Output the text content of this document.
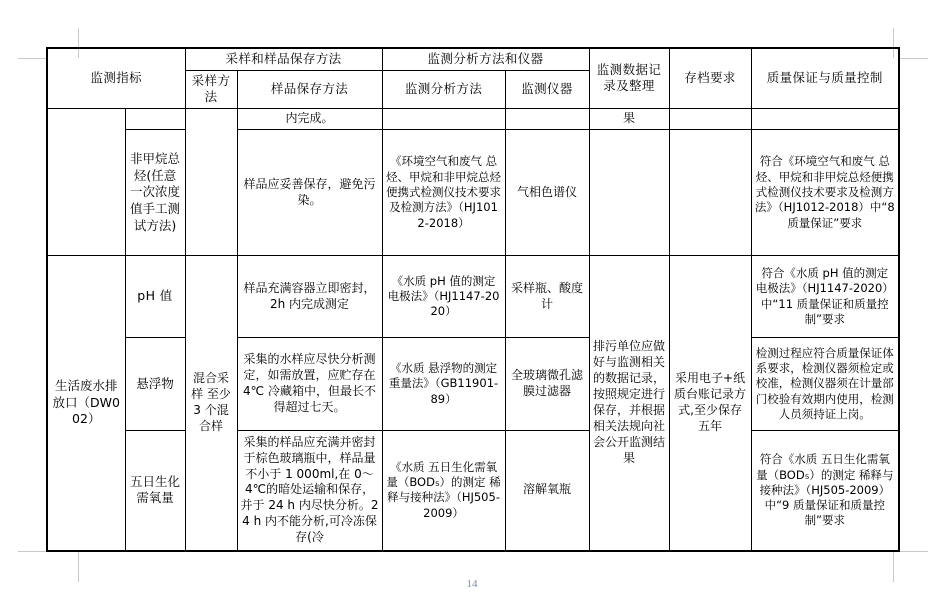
监测指标		采样和样品保存方法		监测分析方法和仪器		监测数据记录及整理	存档要求	质量保证与质量控制
		采样方法	样品保存方法	监测分析方法	监测仪器			
			内完成。			果		
	非甲烷总烃(任意一次浓度值手工测试方法)		样品应妥善保存，避免污染。	《环境空气和废气 总烃、甲烷和非甲烷总烃便携式检测仪技术要求及检测方法》（HJ1012-2018）	气相色谱仪			符合《环境空气和废气 总烃、甲烷和非甲烷总烃便携式检测仪技术要求及检测方法》（HJ1012-2018）中“8 质量保证”要求
生活废水排放口（DW002）	pH 值	混合采样 至少 3 个混合样	样品充满容器立即密封，2h 内完成测定	《水质 pH 值的测定 电极法》（HJ1147-2020）	采样瓶、酸度计	排污单位应做好与监测相关的数据记录，按照规定进行保存，并根据相关法规向社会公开监测结果	采用电子+纸质台账记录方式,至少保存五年	符合《水质 pH 值的测定 电极法》（HJ1147-2020）中“11 质量保证和质量控制”要求
	悬浮物		采集的水样应尽快分析测定，如需放置，应贮存在 4℃ 冷藏箱中，但最长不得超过七天。	《水质 悬浮物的测定 重量法》（GB11901-89）	全玻璃微孔滤膜过滤器			检测过程应符合质量保证体系要求，检测仪器须检定或校准，检测仪器须在计量部门校验有效期内使用，检测人员须持证上岗。
	五日生化需氧量		采集的样品应充满并密封于棕色玻璃瓶中，样品量不小于 1 000ml,在 0～4℃的暗处运输和保存，并于 24 h 内尽快分析。24 h 内不能分析,可冷冻保存(冷	《水质 五日生化需氧量（BOD₅）的测定 稀释与接种法》（HJ505-2009）	溶解氧瓶			符合《水质 五日生化需氧量（BOD₅）的测定 稀释与接种法》（HJ505-2009）中“9 质量保证和质量控制”要求
14
